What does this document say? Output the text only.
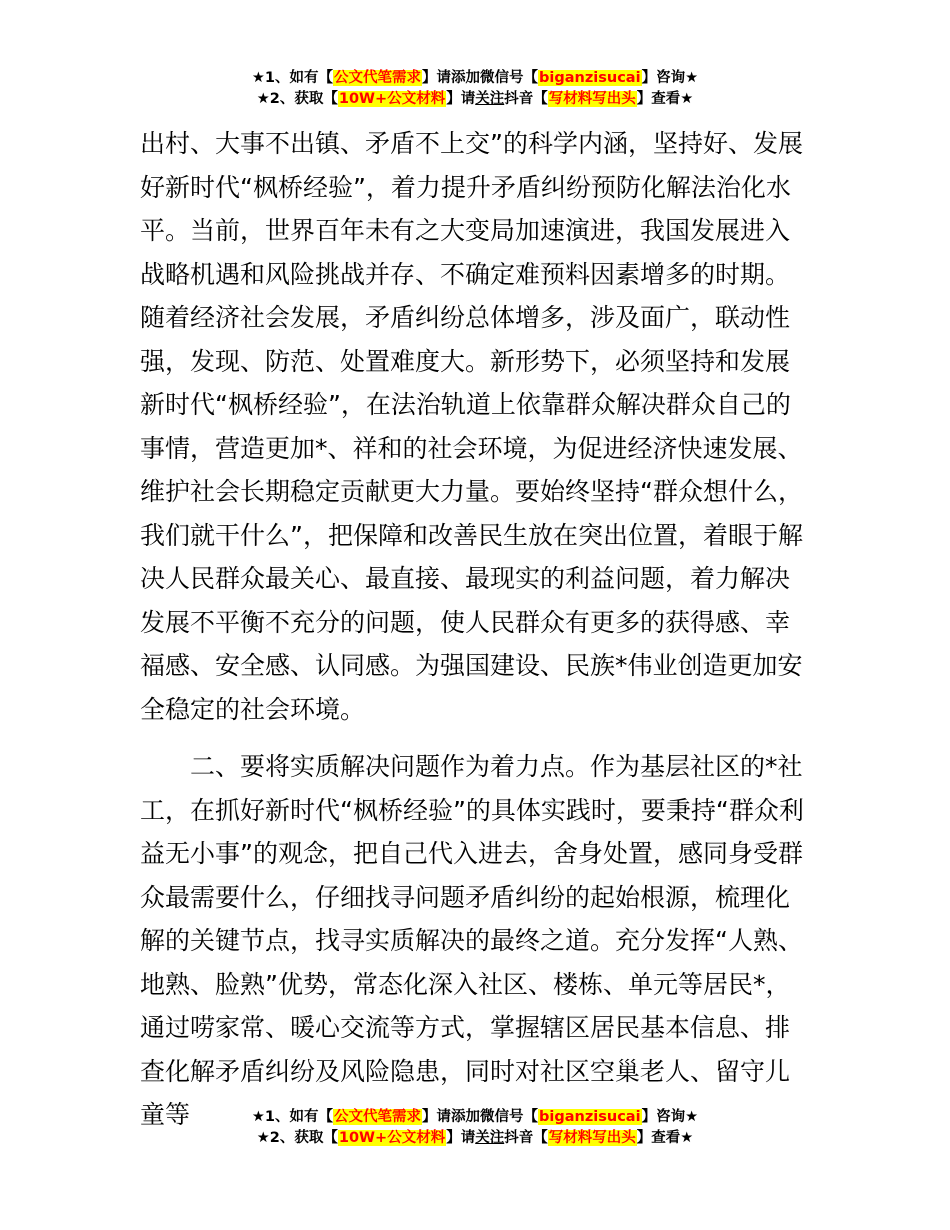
★1、如有【公文代笔需求】请添加微信号【biganzisucai】咨询★
★2、获取【10W+公文材料】请关注抖音【写材料写出头】查看★

出村、大事不出镇、矛盾不上交”的科学内涵，坚持好、发展好新时代“枫桥经验”，着力提升矛盾纠纷预防化解法治化水平。当前，世界百年未有之大变局加速演进，我国发展进入战略机遇和风险挑战并存、不确定难预料因素增多的时期。随着经济社会发展，矛盾纠纷总体增多，涉及面广，联动性强，发现、防范、处置难度大。新形势下，必须坚持和发展新时代“枫桥经验”，在法治轨道上依靠群众解决群众自己的事情，营造更加*、祥和的社会环境，为促进经济快速发展、维护社会长期稳定贡献更大力量。要始终坚持“群众想什么，我们就干什么”，把保障和改善民生放在突出位置，着眼于解决人民群众最关心、最直接、最现实的利益问题，着力解决发展不平衡不充分的问题，使人民群众有更多的获得感、幸福感、安全感、认同感。为强国建设、民族*伟业创造更加安全稳定的社会环境。

二、要将实质解决问题作为着力点。作为基层社区的*社工，在抓好新时代“枫桥经验”的具体实践时，要秉持“群众利益无小事”的观念，把自己代入进去，舍身处置，感同身受群众最需要什么，仔细找寻问题矛盾纠纷的起始根源，梳理化解的关键节点，找寻实质解决的最终之道。充分发挥“人熟、地熟、脸熟”优势，常态化深入社区、楼栋、单元等居民*，通过唠家常、暖心交流等方式，掌握辖区居民基本信息、排查化解矛盾纠纷及风险隐患，同时对社区空巢老人、留守儿童等	★1、如有【公文代笔需求】请添加微信号【biganzisucai】咨询★
★2、获取【10W+公文材料】请关注抖音【写材料写出头】查看★
